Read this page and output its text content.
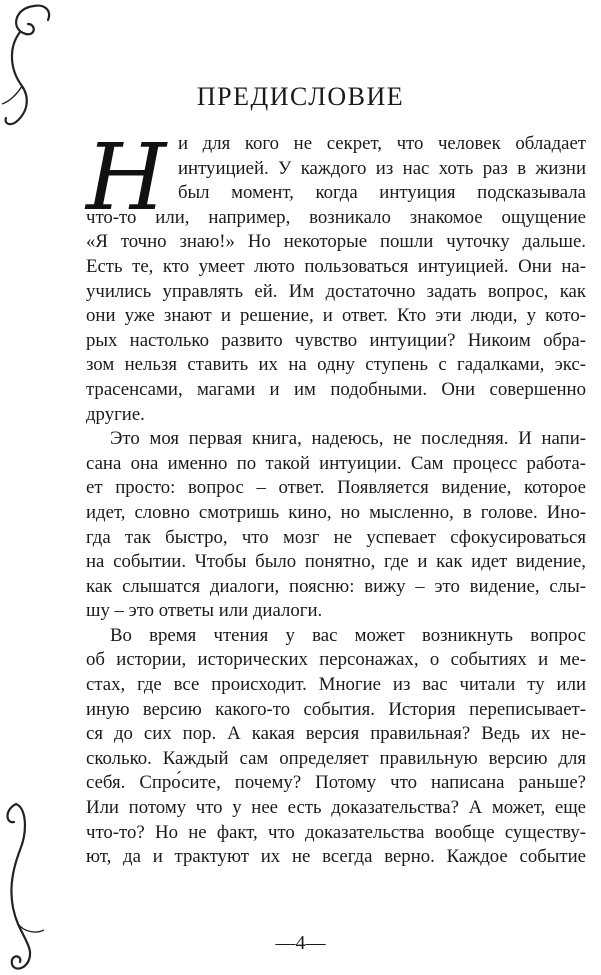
ПРЕДИСЛОВИЕ
Н и для кого не секрет, что человек обладает
интуицией. У каждого из нас хоть раз в жизни
был момент, когда интуиция подсказывала
что-то или, например, возникало знакомое ощущение
«Я точно знаю!» Но некоторые пошли чуточку дальше.
Есть те, кто умеет лютo пользоваться интуицией. Они на-
учились управлять ей. Им достаточно задать вопрос, как
они уже знают и решение, и ответ. Кто эти люди, у кото-
рых настолько развито чувство интуиции? Никоим обра-
зом нельзя ставить их на одну ступень с гадалками, экс-
трасенсами, магами и им подобными. Они совершенно
другие.
Это моя первая книга, надеюсь, не последняя. И напи-
сана она именно по такой интуиции. Сам процесс работа-
ет просто: вопрос – ответ. Появляется видение, которое
идет, словно смотришь кино, но мысленно, в голове. Ино-
гда так быстро, что мозг не успевает сфокусироваться
на событии. Чтобы было понятно, где и как идет видение,
как слышатся диалоги, поясню: вижу – это видение, слы-
шу – это ответы или диалоги.
Во время чтения у вас может возникнуть вопрос
об истории, исторических персонажах, о событиях и ме-
стах, где все происходит. Многие из вас читали ту или
иную версию какого-то события. История переписывает-
ся до сих пор. А какая версия правильная? Ведь их не-
сколько. Каждый сам определяет правильную версию для
себя. Спро́сите, почему? Потому что написана раньше?
Или потому что у нее есть доказательства? А может, еще
что-то? Но не факт, что доказательства вообще существу-
ют, да и трактуют их не всегда верно. Каждое событие
—4—
